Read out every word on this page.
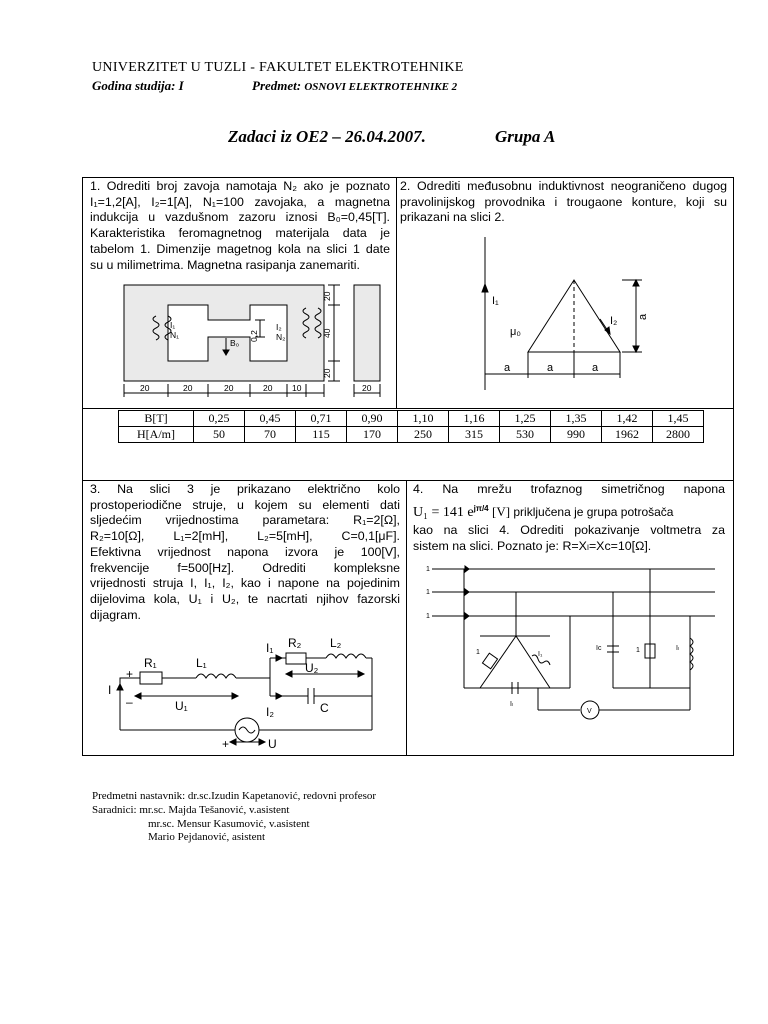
UNIVERZITET U TUZLI - FAKULTET ELEKTROTEHNIKE
Godina studija: I	Predmet: OSNOVI ELEKTROTEHNIKE 2
Zadaci iz OE2 – 26.04.2007.	Grupa A
1. Odrediti broj zavoja namotaja N₂ ako je poznato
I₁=1,2[A], I₂=1[A], N₁=100 zavojaka, a magnetna
indukcija u vazdušnom zazoru iznosi B₀=0,45[T].
Karakteristika feromagnetnog materijala data je
tabelom 1. Dimenzije magetnog kola na slici 1 date
su u milimetrima. Magnetna rasipanja zanemariti.
2. Odrediti međusobnu induktivnost neograničeno dugog
pravolinijskog provodnika i trougaone konture, koji su
prikazani na slici 2.
20	20	20	20 10	20
20
40
20
0,2
I₁
N₁
I₂
N₂
B₀
I₁
I₂
μ₀
a	a	a
a
B[T]	0,25	0,45	0,71	0,90	1,10	1,16	1,25	1,35	1,42	1,45
H[A/m]	50	70	115	170	250	315	530	990	1962	2800
3. Na slici 3 je prikazano električno kolo
prostoperiodične struje, u kojem su elementi dati
sljedećim vrijednostima parametara: R₁=2[Ω],
R₂=10[Ω], L₁=2[mH], L₂=5[mH], C=0,1[μF].
Efektivna vrijednost napona izvora je 100[V],
frekvencije f=500[Hz]. Odrediti kompleksne
vrijednosti struja I, I₁, I₂, kao i napone na pojedinim
dijelovima kola, U₁ i U₂, te nacrtati njihov fazorski
dijagram.
4. Na mrežu trofaznog simetričnog napona
U₁ = 141 $e^{j\pi/4}$ [V] priključena je grupa potrošača
kao na slici 4. Odrediti pokazivanje voltmetra za
sistem na slici. Poznato je: R=Xₗ=Xᴄ=10[Ω].
R₁	L₁
R₂ L₂
C
I
I₁
I₂
U₁
U₂
U
+
+
–
1
1
1
1	I₁
Iₗ
Iᴄ	1	Iₗ
V
Predmetni nastavnik: dr.sc.Izudin Kapetanović, redovni profesor
Saradnici: mr.sc. Majda Tešanović, v.asistent
mr.sc. Mensur Kasumović, v.asistent
Mario Pejdanović, asistent
